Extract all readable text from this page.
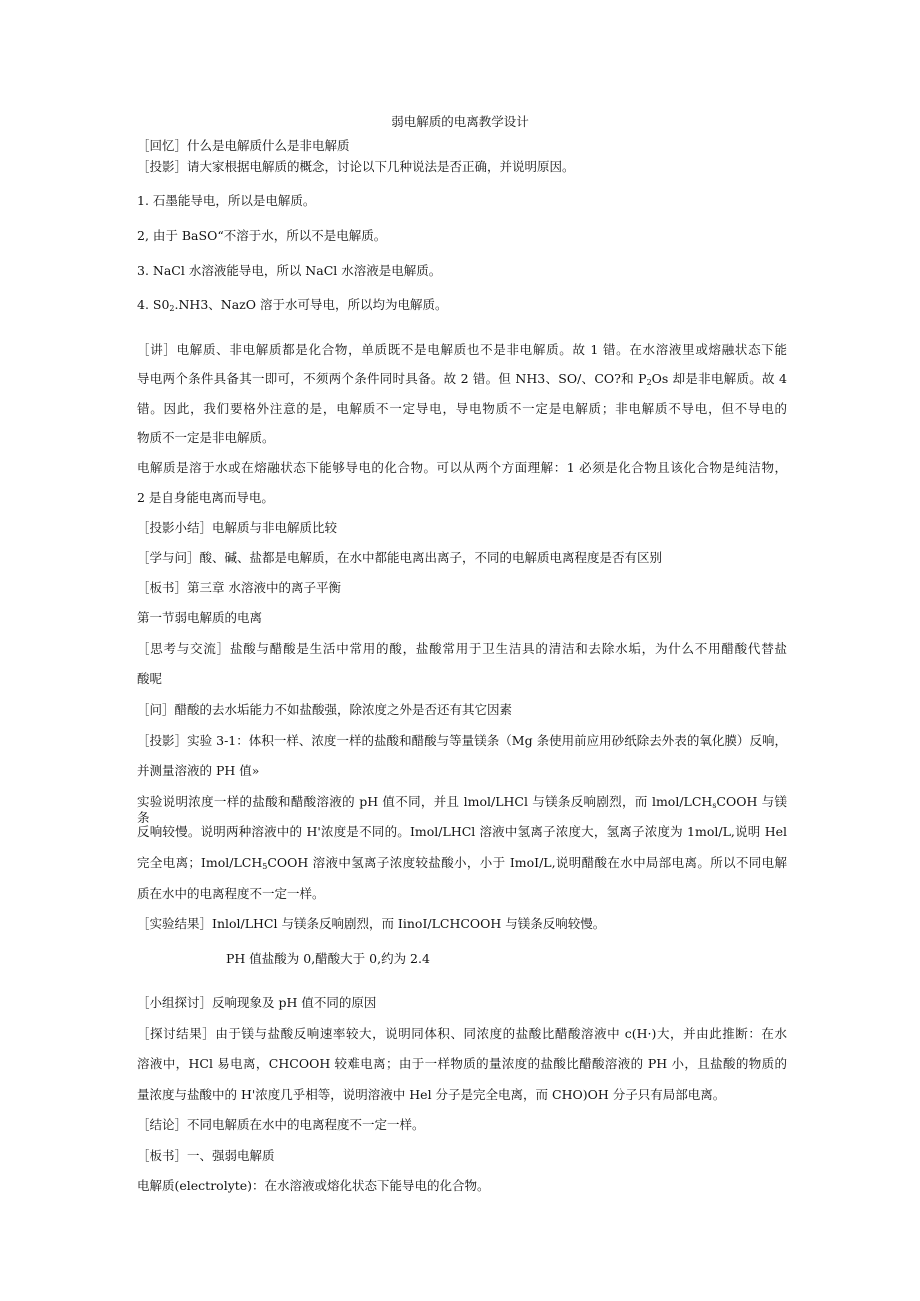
弱电解质的电离教学设计
［回忆］什么是电解质什么是非电解质
［投影］请大家根据电解质的概念，讨论以下几种说法是否正确，并说明原因。
1. 石墨能导电，所以是电解质。
2, 由于 BaSO“不溶于水，所以不是电解质。
3. NaCl 水溶液能导电，所以 NaCl 水溶液是电解质。
4. $S0_2.NH3$、NazO 溶于水可导电，所以均为电解质。
［讲］电解质、非电解质都是化合物，单质既不是电解质也不是非电解质。故 1 错。在水溶液里或熔融状态下能
导电两个条件具备其一即可，不须两个条件同时具备。故 2 错。但 NH3、SO/、CO?和 $P_2Os$ 却是非电解质。故 4
错。因此，我们要格外注意的是，电解质不一定导电，导电物质不一定是电解质；非电解质不导电，但不导电的
物质不一定是非电解质。
电解质是溶于水或在熔融状态下能够导电的化合物。可以从两个方面理解：1 必须是化合物且该化合物是纯洁物，
2 是自身能电离而导电。
［投影小结］电解质与非电解质比较
［学与问］酸、碱、盐都是电解质，在水中都能电离出离子，不同的电解质电离程度是否有区别
［板书］第三章 水溶液中的离子平衡
第一节弱电解质的电离
［思考与交流］盐酸与醋酸是生活中常用的酸，盐酸常用于卫生洁具的清洁和去除水垢，为什么不用醋酸代替盐
酸呢
［问］醋酸的去水垢能力不如盐酸强，除浓度之外是否还有其它因素
［投影］实验 3-1：体积一样、浓度一样的盐酸和醋酸与等量镁条（Mg 条使用前应用砂纸除去外表的氧化膜）反响，
并测量溶液的 PH 值»
实验说明浓度一样的盐酸和醋酸溶液的 pH 值不同，并且 lmol/LHCl 与镁条反响剧烈，而 lmol/$LCH_sCOOH$ 与镁条
反响较慢。说明两种溶液中的 H'浓度是不同的。Imol/LHCl 溶液中氢离子浓度大，氢离子浓度为 1mol/L,说明 Hel
完全电离；Imol/$LCH_5COOH$ 溶液中氢离子浓度较盐酸小，小于 ImoI/L,说明醋酸在水中局部电离。所以不同电解
质在水中的电离程度不一定一样。
［实验结果］Inlol/LHCl 与镁条反响剧烈，而 IinoI/LCHCOOH 与镁条反响较慢。
PH 值盐酸为 0,醋酸大于 0,约为 2.4
［小组探讨］反响现象及 pH 值不同的原因
［探讨结果］由于镁与盐酸反响速率较大，说明同体积、同浓度的盐酸比醋酸溶液中 c(H·)大，并由此推断：在水
溶液中，HCl 易电离，CHCOOH 较难电离；由于一样物质的量浓度的盐酸比醋酸溶液的 PH 小，且盐酸的物质的
量浓度与盐酸中的 H'浓度几乎相等，说明溶液中 Hel 分子是完全电离，而 CHO)OH 分子只有局部电离。
［结论］不同电解质在水中的电离程度不一定一样。
［板书］一、强弱电解质
电解质(electrolyte)：在水溶液或熔化状态下能导电的化合物。
